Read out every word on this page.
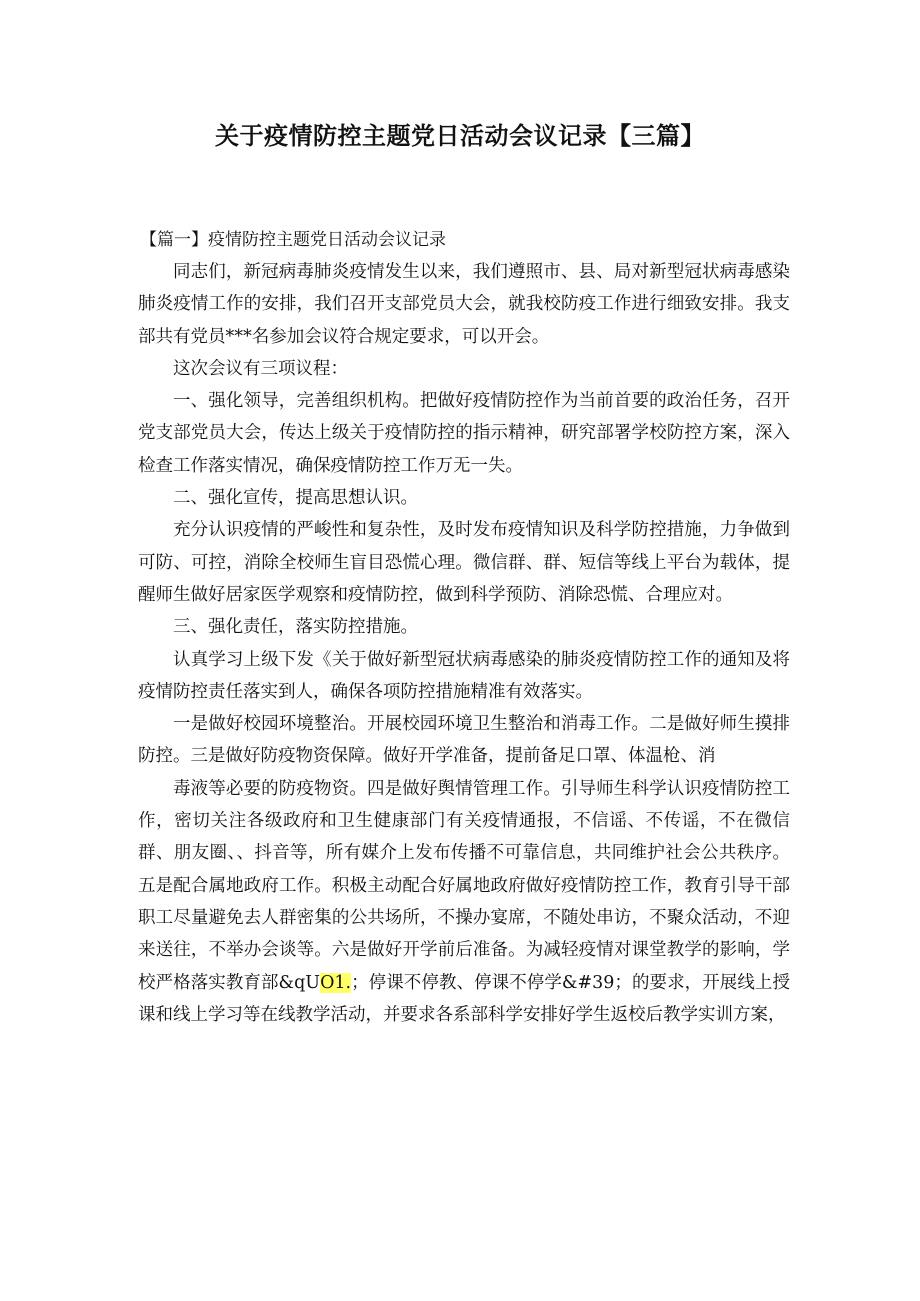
关于疫情防控主题党日活动会议记录【三篇】
【篇一】疫情防控主题党日活动会议记录

同志们，新冠病毒肺炎疫情发生以来，我们遵照市、县、局对新型冠状病毒感染肺炎疫情工作的安排，我们召开支部党员大会，就我校防疫工作进行细致安排。我支部共有党员***名参加会议符合规定要求，可以开会。

这次会议有三项议程：

一、强化领导，完善组织机构。把做好疫情防控作为当前首要的政治任务，召开党支部党员大会，传达上级关于疫情防控的指示精神，研究部署学校防控方案，深入检查工作落实情况，确保疫情防控工作万无一失。

二、强化宣传，提高思想认识。

充分认识疫情的严峻性和复杂性，及时发布疫情知识及科学防控措施，力争做到可防、可控，消除全校师生盲目恐慌心理。微信群、群、短信等线上平台为载体，提醒师生做好居家医学观察和疫情防控，做到科学预防、消除恐慌、合理应对。

三、强化责任，落实防控措施。

认真学习上级下发《关于做好新型冠状病毒感染的肺炎疫情防控工作的通知及将疫情防控责任落实到人，确保各项防控措施精准有效落实。

一是做好校园环境整治。开展校园环境卫生整治和消毒工作。二是做好师生摸排防控。三是做好防疫物资保障。做好开学准备，提前备足口罩、体温枪、消

毒液等必要的防疫物资。四是做好舆情管理工作。引导师生科学认识疫情防控工作，密切关注各级政府和卫生健康部门有关疫情通报，不信谣、不传谣，不在微信群、朋友圈、、抖音等，所有媒介上发布传播不可靠信息，共同维护社会公共秩序。五是配合属地政府工作。积极主动配合好属地政府做好疫情防控工作，教育引导干部职工尽量避免去人群密集的公共场所，不操办宴席，不随处串访，不聚众活动，不迎来送往，不举办会谈等。六是做好开学前后准备。为减轻疫情对课堂教学的影响，学校严格落实教育部&qUO1.；停课不停教、停课不停学&#39；的要求，开展线上授课和线上学习等在线教学活动，并要求各系部科学安排好学生返校后教学实训方案，
